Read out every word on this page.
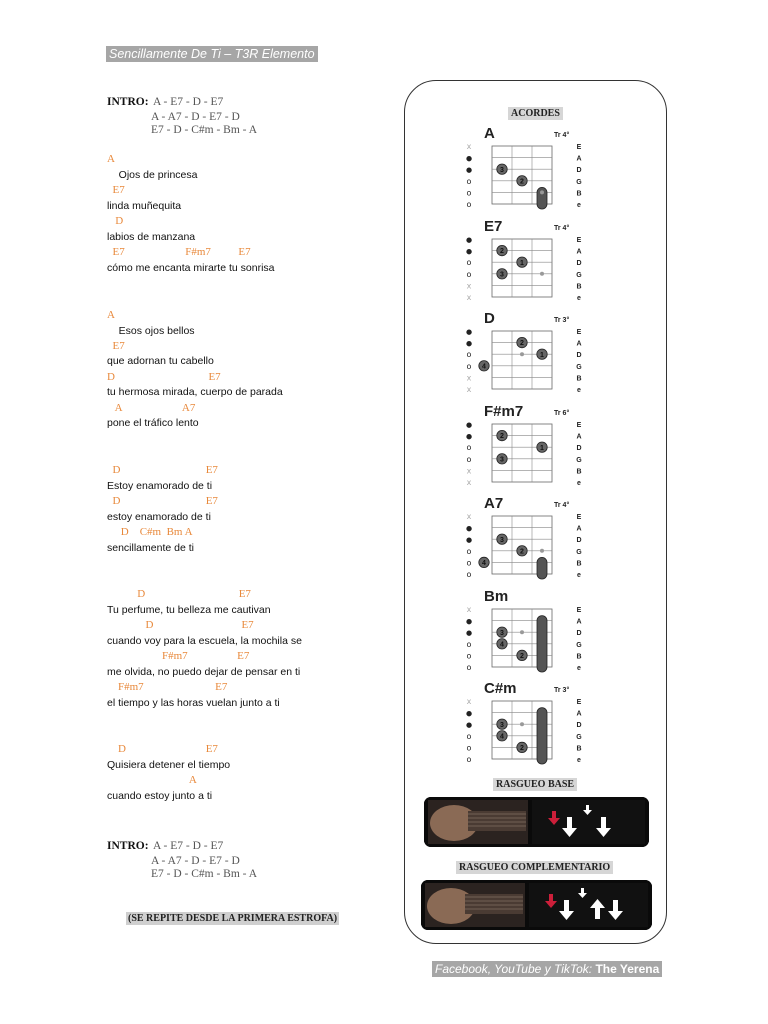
Sencillamente De Ti – T3R Elemento
INTRO: A - E7 - D - E7
A - A7 - D - E7 - D
E7 - D - C#m - Bm - A
A
Ojos de princesa
E7
linda muñequita
D
labios de manzana
E7                      F#m7          E7
cómo me encanta mirarte tu sonrisa
A
Esos ojos bellos
E7
que adornan tu cabello
D                                  E7
tu hermosa mirada, cuerpo de parada
A                      A7
pone el tráfico lento
D                               E7
Estoy enamorado de ti
D                               E7
estoy enamorado de ti
D    C#m  Bm A
sencillamente de ti
D                                  E7
Tu perfume, tu belleza me cautivan
D                                E7
cuando voy para la escuela, la mochila se
F#m7                  E7
me olvida, no puedo dejar de pensar en ti
F#m7                          E7
el tiempo y las horas vuelan junto a ti
D                             E7
Quisiera detener el tiempo
A
cuando estoy junto a ti
INTRO: A - E7 - D - E7
A - A7 - D - E7 - D
E7 - D - C#m - Bm - A
(SE REPITE DESDE LA PRIMERA ESTROFA)
ACORDES
A	Tr 4°
x
●
●
o
o
o
E
A
D
G
B
e
3
2
E7	Tr 4°
●
●
o
o
x
x
E
A
D
G
B
e
2
1
3
D	Tr 3°
●
●
o
o
x
x
E
A
D
G
B
e
2
1
4
F#m7	Tr 6°
●
●
o
o
x
x
E
A
D
G
B
e
2
1
3
A7	Tr 4°
x
●
●
o
o
o
E
A
D
G
B
e
3
2
4
Bm
x
●
●
o
o
o
E
A
D
G
B
e
3
4
2
C#m	Tr 3°
x
●
●
o
o
o
E
A
D
G
B
e
3
4
2
RASGUEO BASE
RASGUEO COMPLEMENTARIO
Facebook, YouTube y TikTok: The Yerena
